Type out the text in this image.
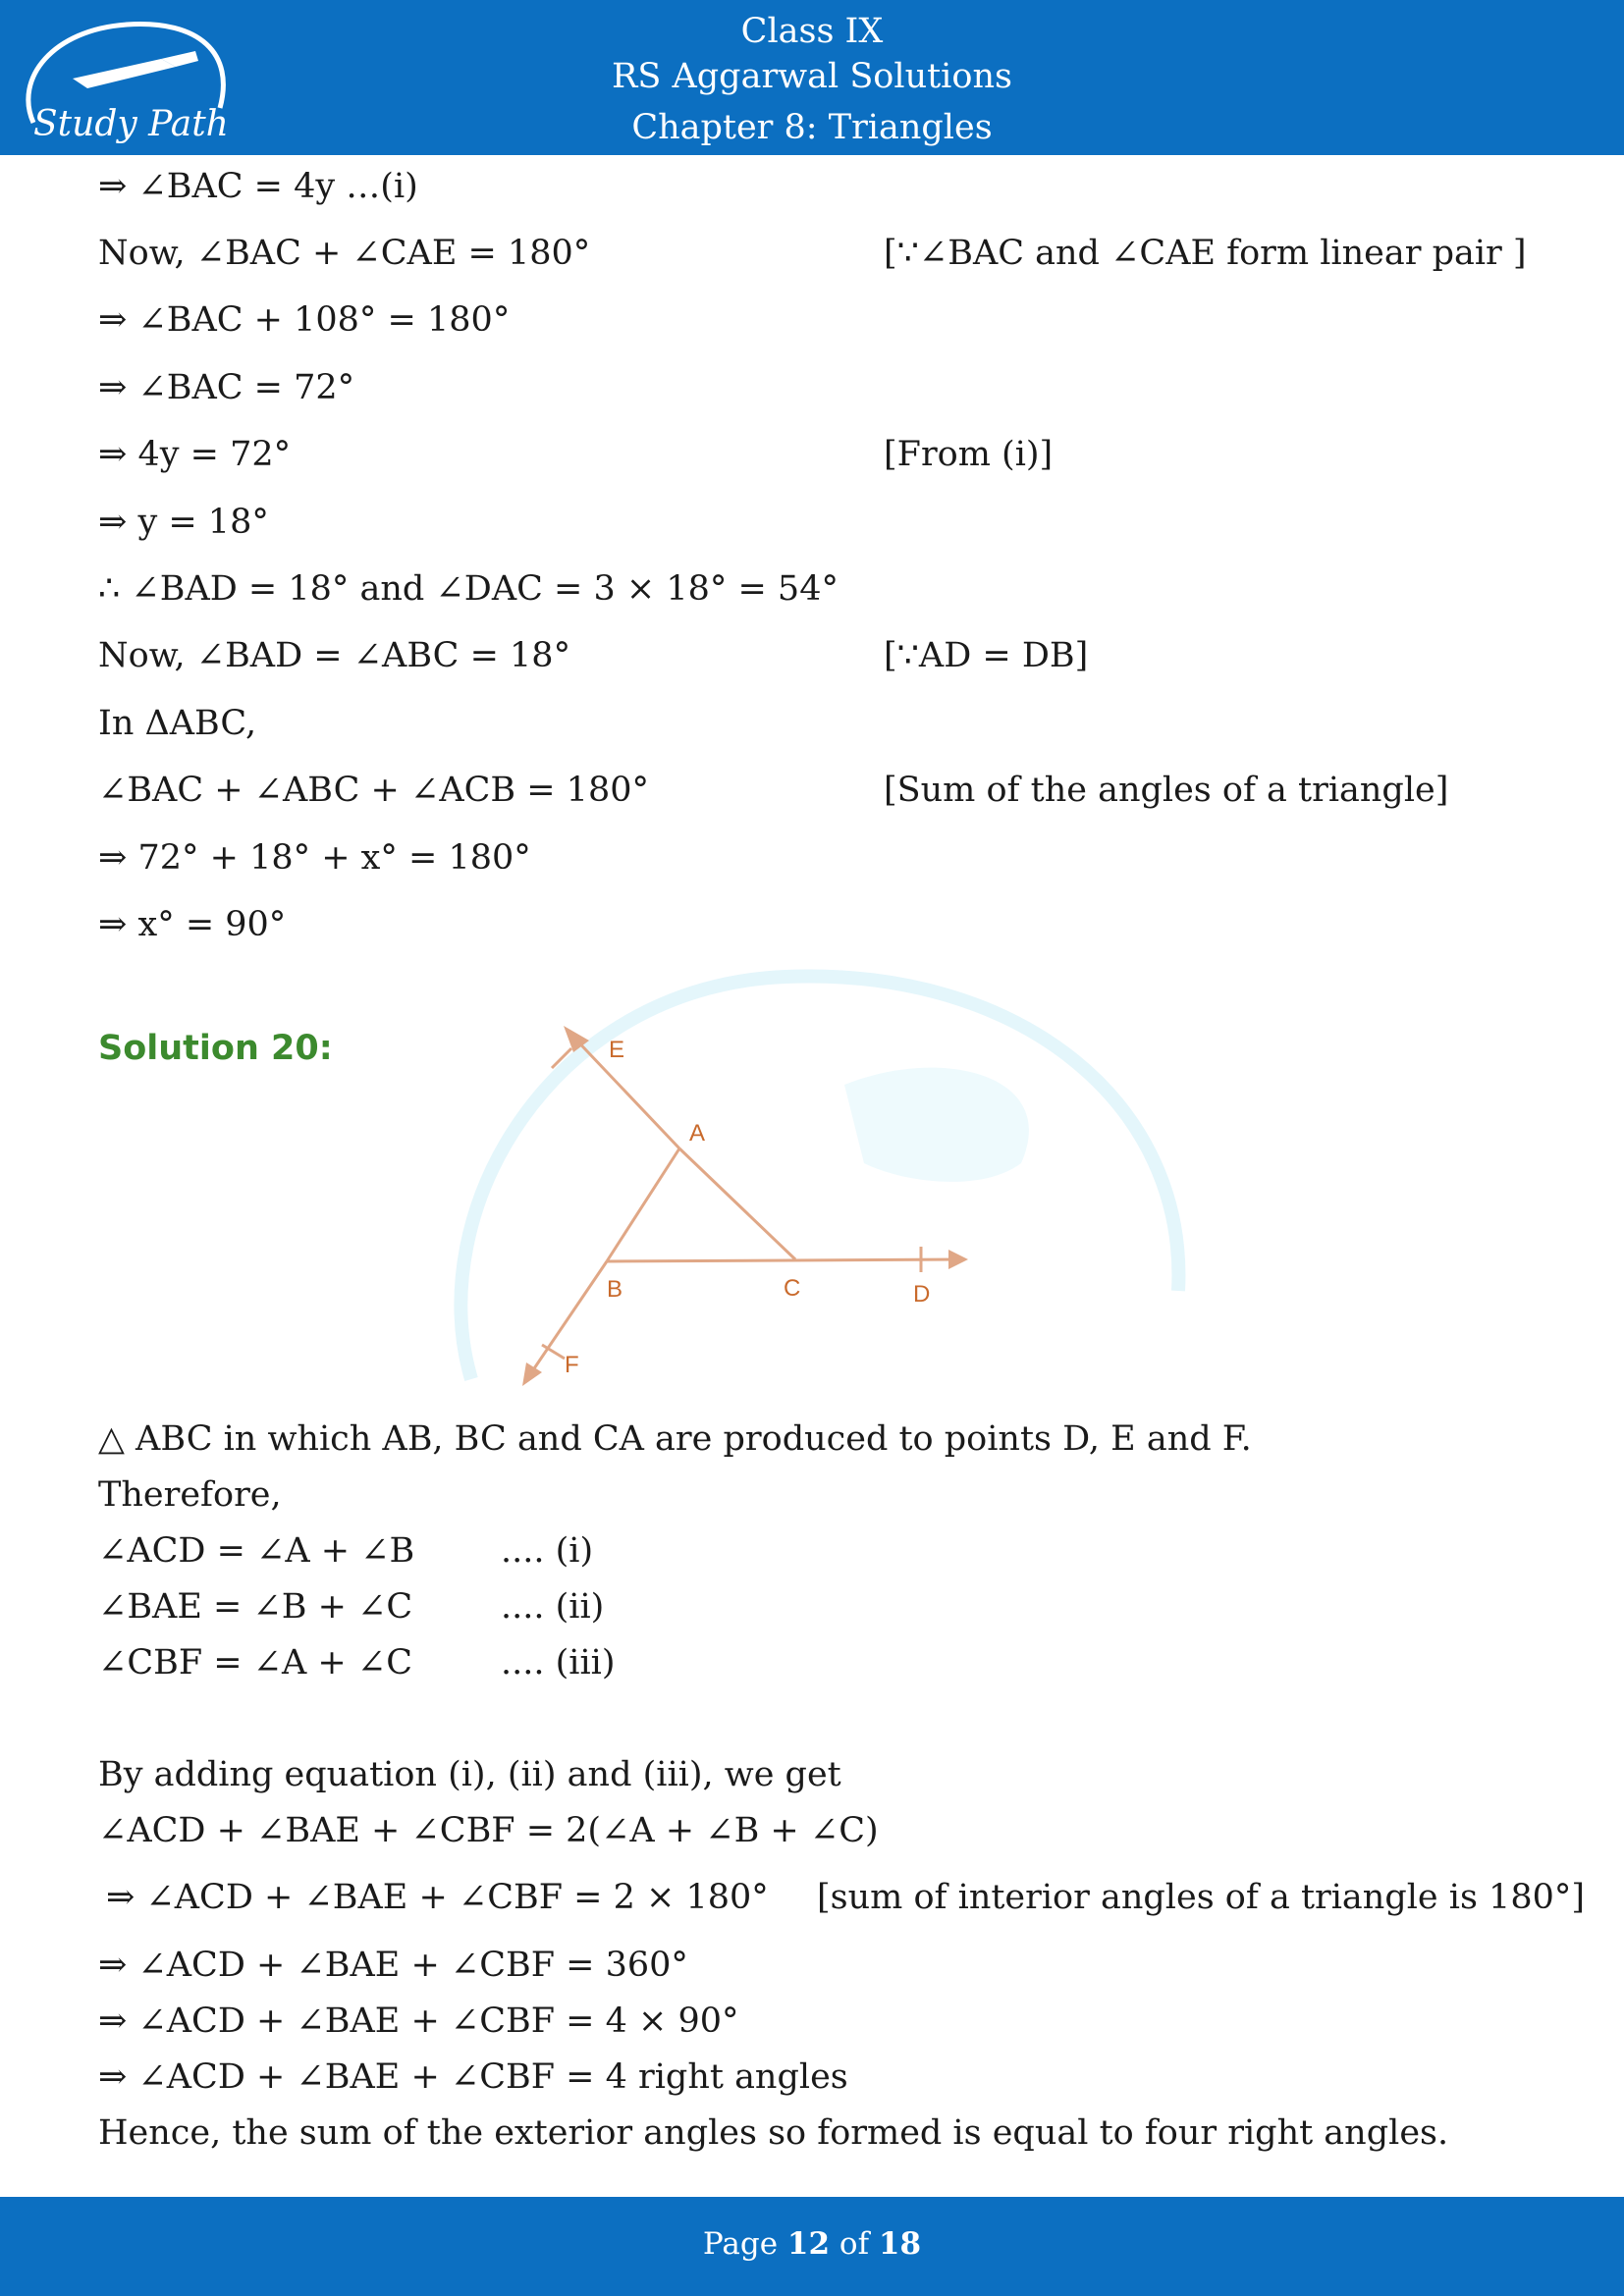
Study Path
Class IX
RS Aggarwal Solutions
Chapter 8: Triangles
⇒ ∠BAC = 4y …(i)
Now, ∠BAC + ∠CAE = 180°	[∵∠BAC and ∠CAE form linear pair ]
⇒ ∠BAC + 108° = 180°
⇒ ∠BAC = 72°
⇒ 4y = 72°	[From (i)]
⇒ y = 18°
∴ ∠BAD = 18° and ∠DAC = 3 × 18° = 54°
Now, ∠BAD = ∠ABC = 18°	[∵AD = DB]
In ΔABC,
∠BAC + ∠ABC + ∠ACB = 180°	[Sum of the angles of a triangle]
⇒ 72° + 18° + x° = 180°
⇒ x° = 90°
Solution 20:	E
A
B	C	D
F
△ ABC in which AB, BC and CA are produced to points D, E and F.
Therefore,
∠ACD = ∠A + ∠B	.... (i)
∠BAE = ∠B + ∠C	.... (ii)
∠CBF = ∠A + ∠C	.... (iii)
By adding equation (i), (ii) and (iii), we get
∠ACD + ∠BAE + ∠CBF = 2(∠A + ∠B + ∠C)
⇒ ∠ACD + ∠BAE + ∠CBF = 2 × 180° [sum of interior angles of a triangle is 180°]
⇒ ∠ACD + ∠BAE + ∠CBF = 360°
⇒ ∠ACD + ∠BAE + ∠CBF = 4 × 90°
⇒ ∠ACD + ∠BAE + ∠CBF = 4 right angles
Hence, the sum of the exterior angles so formed is equal to four right angles.
Page 12 of 18
